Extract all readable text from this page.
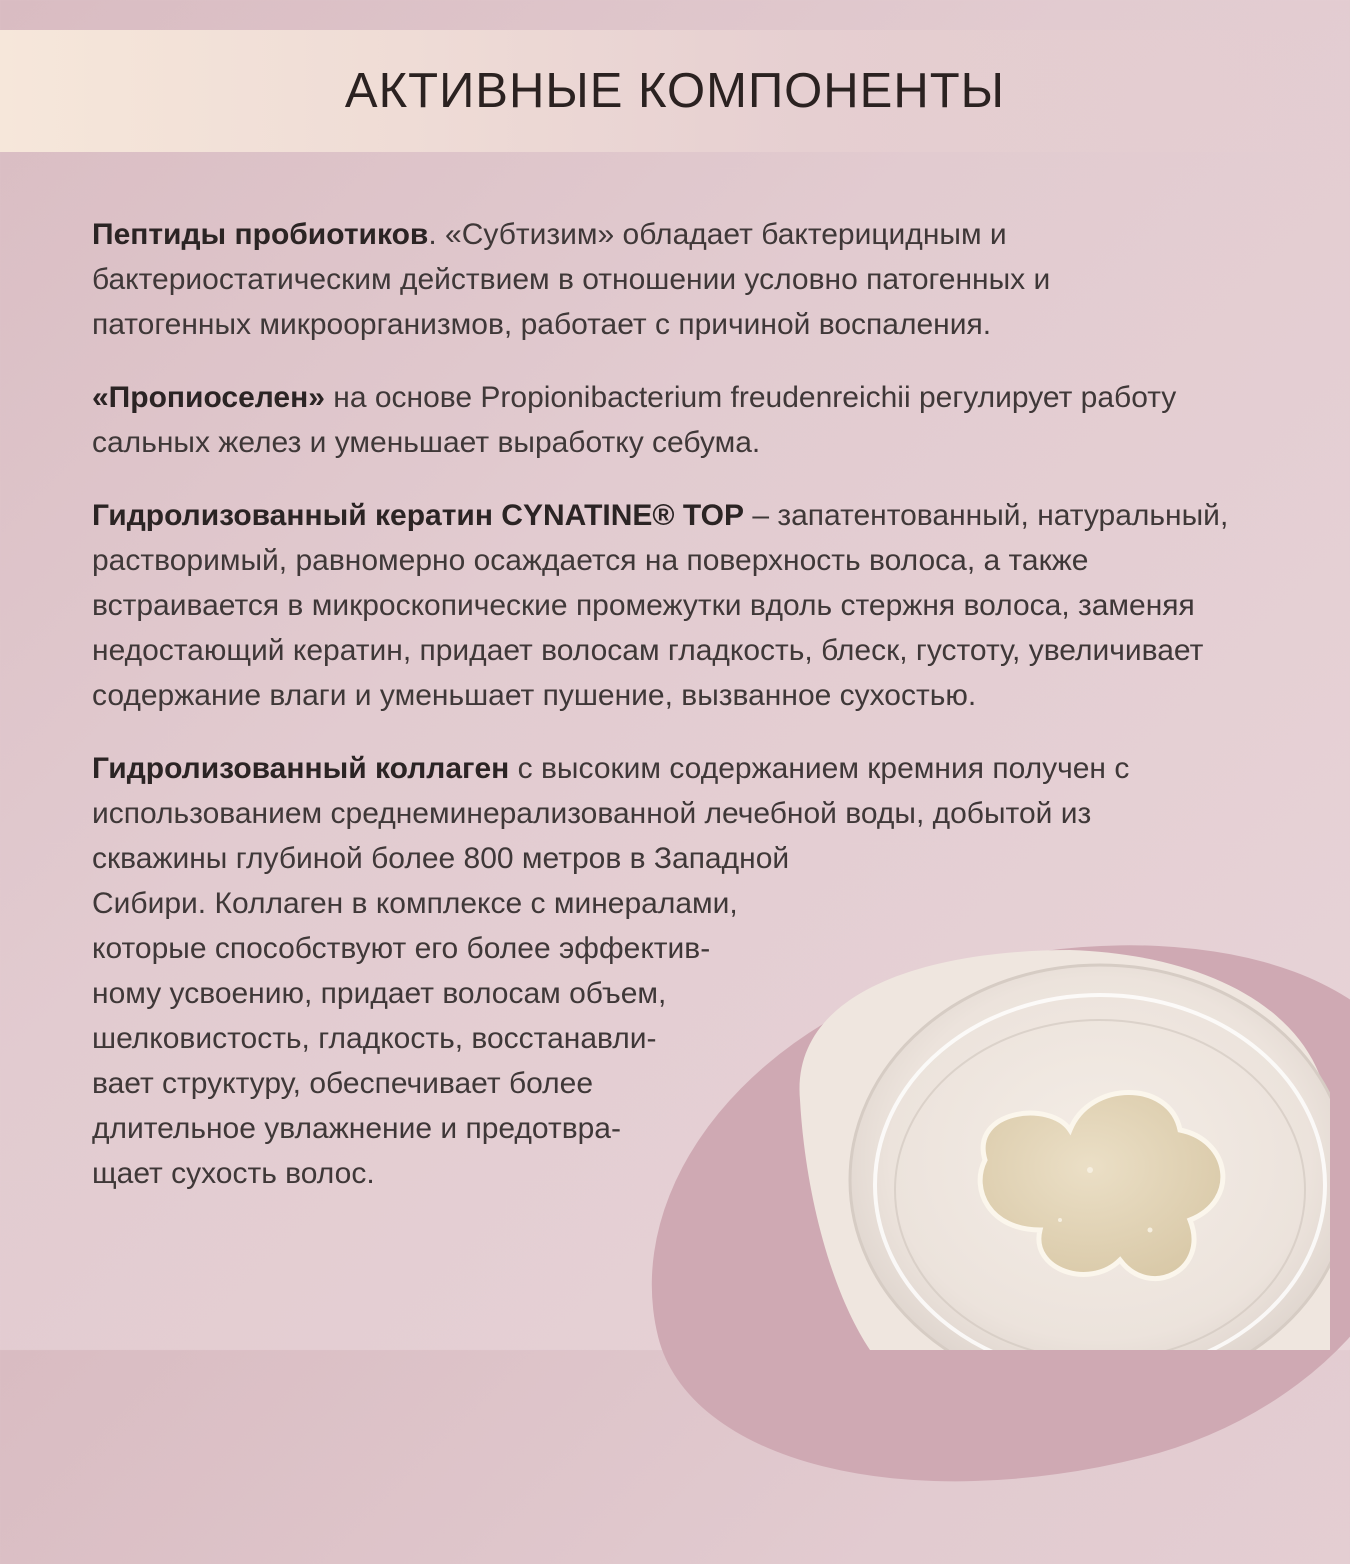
АКТИВНЫЕ КОМПОНЕНТЫ

Пептиды пробиотиков. «Субтизим» обладает бактерицидным и бактериостатическим действием в отношении условно патогенных и патогенных микроорганизмов, работает с причиной воспаления.

«Пропиоселен» на основе Propionibacterium freudenreichii регулирует работу сальных желез и уменьшает выработку себума.

Гидролизованный кератин CYNATINE® TOP – запатентованный, натуральный, растворимый, равномерно осаждается на поверхность волоса, а также встраивается в микроскопические промежутки вдоль стержня волоса, заменяя недостающий кератин, придает волосам гладкость, блеск, густоту, увеличивает содержание влаги и уменьшает пушение, вызванное сухостью.

Гидролизованный коллаген с высоким содержанием кремния получен с использованием среднеминерализованной лечебной воды, добытой из

скважины глубиной более 800 метров в Западной
Сибири. Коллаген в комплексе с минералами,
которые способствуют его более эффектив-
ному усвоению, придает волосам объем,
шелковистость, гладкость, восстанавли-
вает структуру, обеспечивает более
длительное увлажнение и предотвра-
щает сухость волос.
